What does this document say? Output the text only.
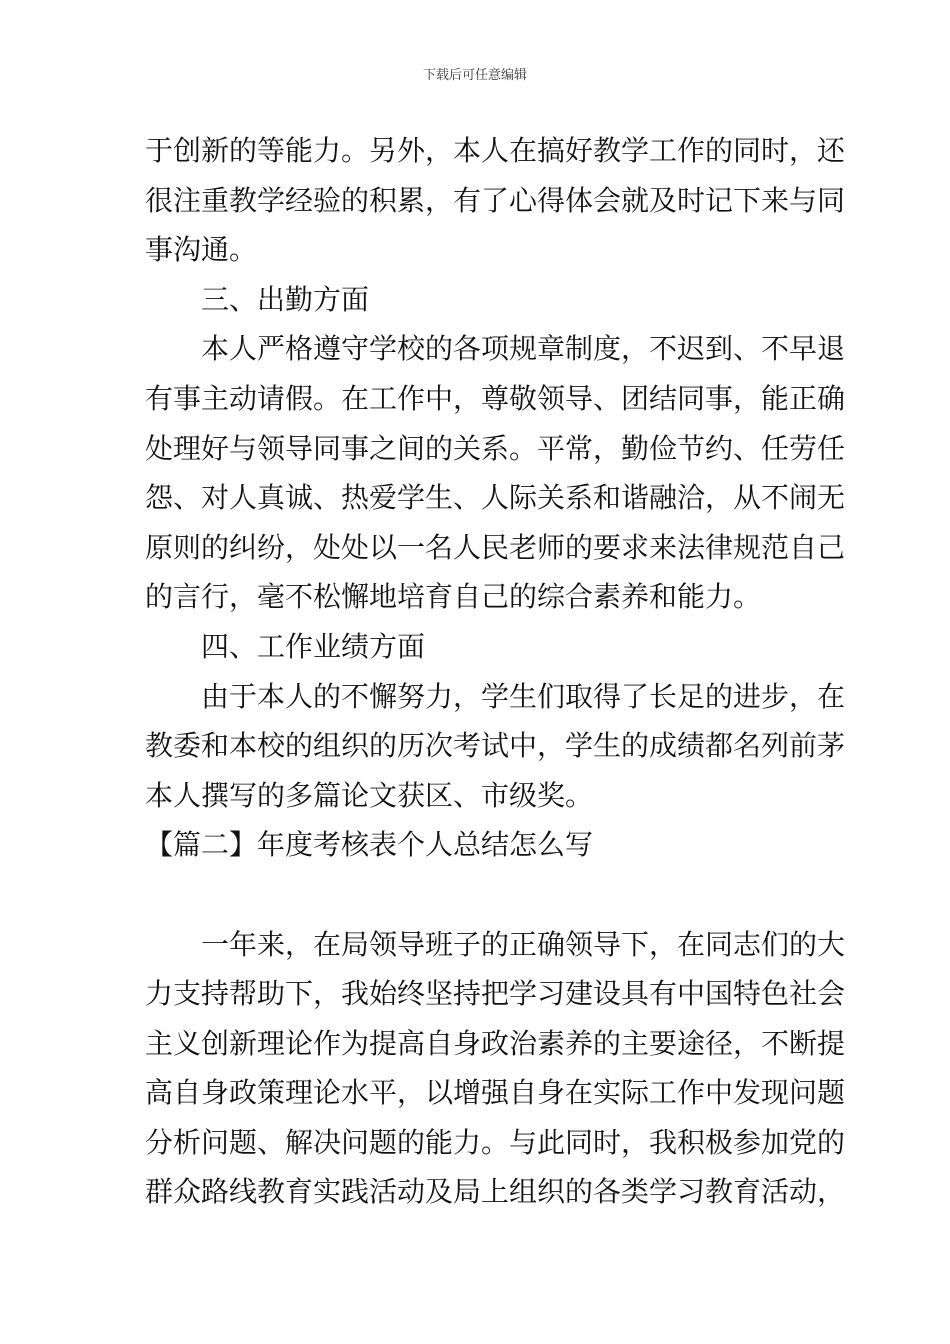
下载后可任意编辑
于创新的等能力。另外，本人在搞好教学工作的同时，还
很注重教学经验的积累，有了心得体会就及时记下来与同
事沟通。
三、出勤方面
本人严格遵守学校的各项规章制度，不迟到、不早退
有事主动请假。在工作中，尊敬领导、团结同事，能正确
处理好与领导同事之间的关系。平常，勤俭节约、任劳任
怨、对人真诚、热爱学生、人际关系和谐融洽，从不闹无
原则的纠纷，处处以一名人民老师的要求来法律规范自己
的言行，毫不松懈地培育自己的综合素养和能力。
四、工作业绩方面
由于本人的不懈努力，学生们取得了长足的进步，在
教委和本校的组织的历次考试中，学生的成绩都名列前茅
本人撰写的多篇论文获区、市级奖。
【篇二】年度考核表个人总结怎么写
一年来，在局领导班子的正确领导下，在同志们的大
力支持帮助下，我始终坚持把学习建设具有中国特色社会
主义创新理论作为提高自身政治素养的主要途径，不断提
高自身政策理论水平，以增强自身在实际工作中发现问题
分析问题、解决问题的能力。与此同时，我积极参加党的
群众路线教育实践活动及局上组织的各类学习教育活动，
